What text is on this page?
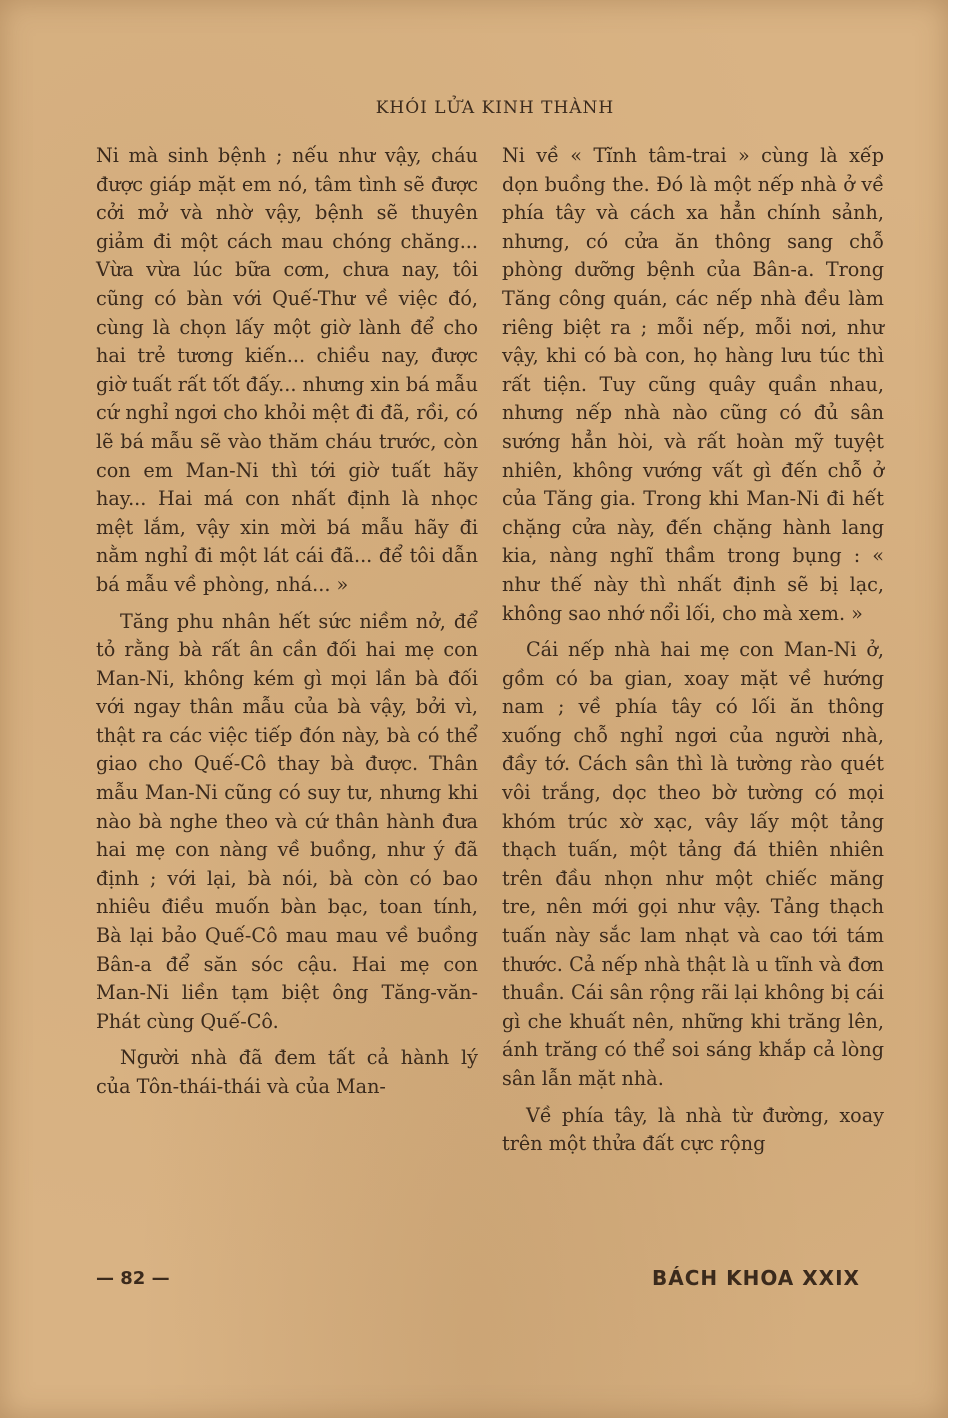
KHÓI LỬA KINH THÀNH

Ni mà sinh bệnh ; nếu như vậy, cháu được giáp mặt em nó, tâm tình sẽ được cởi mở và nhờ vậy, bệnh sẽ thuyên giảm đi một cách mau chóng chăng... Vừa vừa lúc bữa cơm, chưa nay, tôi cũng có bàn với Quế-Thư về việc đó, cùng là chọn lấy một giờ lành để cho hai trẻ tương kiến... chiều nay, được giờ tuất rất tốt đấy... nhưng xin bá mẫu cứ nghỉ ngơi cho khỏi mệt đi đã, rồi, có lẽ bá mẫu sẽ vào thăm cháu trước, còn con em Man-Ni thì tới giờ tuất hãy hay... Hai má con nhất định là nhọc mệt lắm, vậy xin mời bá mẫu hãy đi nằm nghỉ đi một lát cái đã... để tôi dẫn bá mẫu về phòng, nhá... »

Tăng phu nhân hết sức niềm nở, để tỏ rằng bà rất ân cần đối hai mẹ con Man-Ni, không kém gì mọi lần bà đối với ngay thân mẫu của bà vậy, bởi vì, thật ra các việc tiếp đón này, bà có thể giao cho Quế-Cô thay bà được. Thân mẫu Man-Ni cũng có suy tư, nhưng khi nào bà nghe theo và cứ thân hành đưa hai mẹ con nàng về buồng, như ý đã định ; với lại, bà nói, bà còn có bao nhiêu điều muốn bàn bạc, toan tính, Bà lại bảo Quế-Cô mau mau về buồng Bân-a để săn sóc cậu. Hai mẹ con Man-Ni liền tạm biệt ông Tăng-văn-Phát cùng Quế-Cô.

Người nhà đã đem tất cả hành lý của Tôn-thái-thái và của Man-

Ni về « Tĩnh tâm-trai » cùng là xếp dọn buồng the. Đó là một nếp nhà ở về phía tây và cách xa hẳn chính sảnh, nhưng, có cửa ăn thông sang chỗ phòng dưỡng bệnh của Bân-a. Trong Tăng công quán, các nếp nhà đều làm riêng biệt ra ; mỗi nếp, mỗi nơi, như vậy, khi có bà con, họ hàng lưu túc thì rất tiện. Tuy cũng quây quần nhau, nhưng nếp nhà nào cũng có đủ sân sướng hẳn hòi, và rất hoàn mỹ tuyệt nhiên, không vướng vất gì đến chỗ ở của Tăng gia. Trong khi Man-Ni đi hết chặng cửa này, đến chặng hành lang kia, nàng nghĩ thầm trong bụng : « như thế này thì nhất định sẽ bị lạc, không sao nhớ nổi lối, cho mà xem. »

Cái nếp nhà hai mẹ con Man-Ni ở, gồm có ba gian, xoay mặt về hướng nam ; về phía tây có lối ăn thông xuống chỗ nghỉ ngơi của người nhà, đầy tớ. Cách sân thì là tường rào quét vôi trắng, dọc theo bờ tường có mọi khóm trúc xờ xạc, vây lấy một tảng thạch tuấn, một tảng đá thiên nhiên trên đầu nhọn như một chiếc măng tre, nên mới gọi như vậy. Tảng thạch tuấn này sắc lam nhạt và cao tới tám thước. Cả nếp nhà thật là u tĩnh và đơn thuần. Cái sân rộng rãi lại không bị cái gì che khuất nên, những khi trăng lên, ánh trăng có thể soi sáng khắp cả lòng sân lẫn mặt nhà.

Về phía tây, là nhà từ đường, xoay trên một thửa đất cực rộng

— 82 —	BÁCH KHOA XXIX
